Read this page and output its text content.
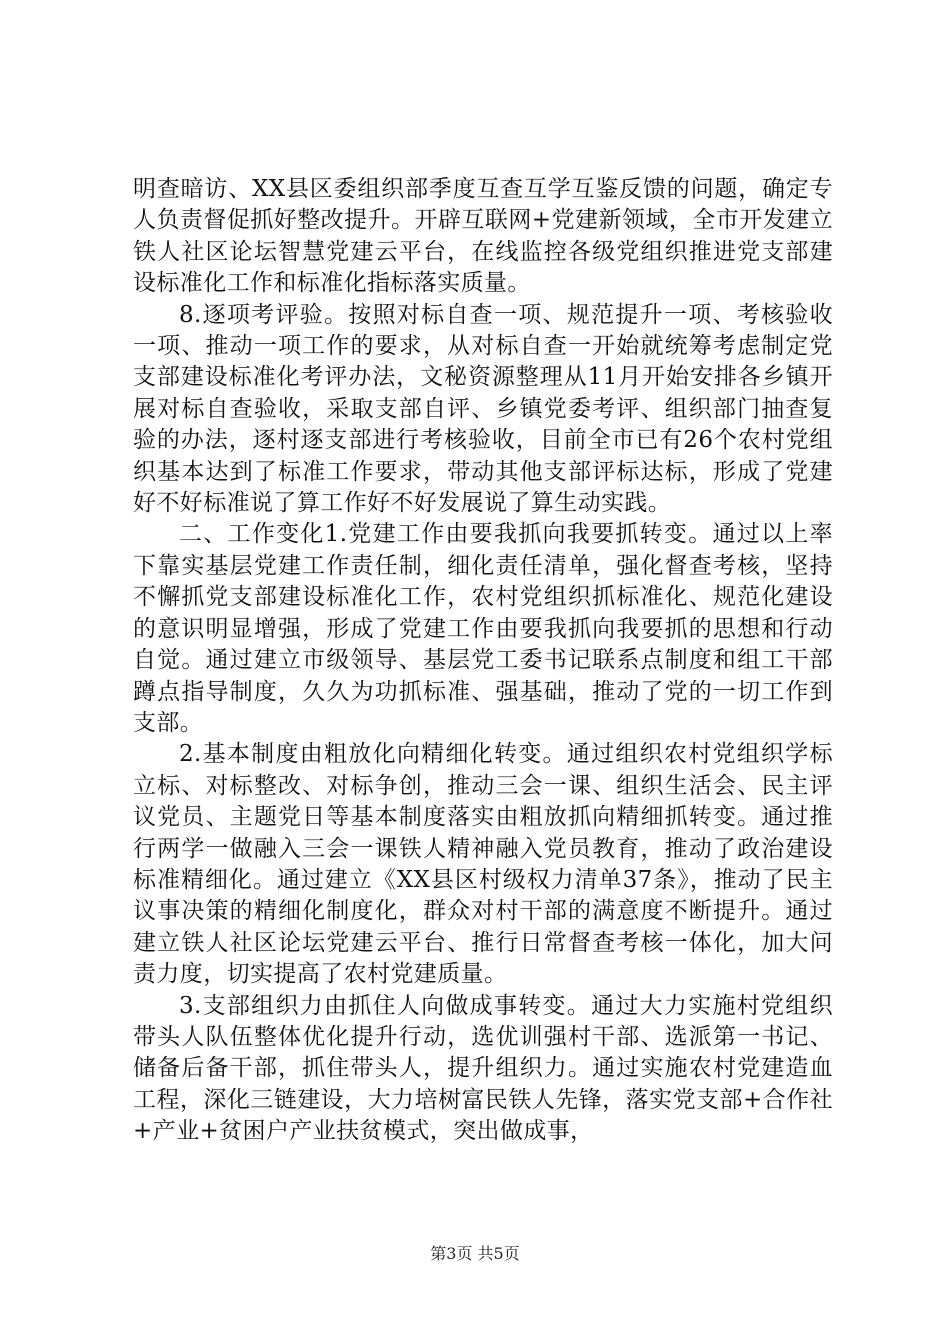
明查暗访、XX县区委组织部季度互查互学互鉴反馈的问题，确定专人负责督促抓好整改提升。开辟互联网+党建新领域，全市开发建立铁人社区论坛智慧党建云平台，在线监控各级党组织推进党支部建设标准化工作和标准化指标落实质量。

8.逐项考评验。按照对标自查一项、规范提升一项、考核验收一项、推动一项工作的要求，从对标自查一开始就统筹考虑制定党支部建设标准化考评办法，文秘资源整理从11月开始安排各乡镇开展对标自查验收，采取支部自评、乡镇党委考评、组织部门抽查复验的办法，逐村逐支部进行考核验收，目前全市已有26个农村党组织基本达到了标准工作要求，带动其他支部评标达标，形成了党建好不好标准说了算工作好不好发展说了算生动实践。

二、工作变化1.党建工作由要我抓向我要抓转变。通过以上率下靠实基层党建工作责任制，细化责任清单，强化督查考核，坚持不懈抓党支部建设标准化工作，农村党组织抓标准化、规范化建设的意识明显增强，形成了党建工作由要我抓向我要抓的思想和行动自觉。通过建立市级领导、基层党工委书记联系点制度和组工干部蹲点指导制度，久久为功抓标准、强基础，推动了党的一切工作到支部。

2.基本制度由粗放化向精细化转变。通过组织农村党组织学标立标、对标整改、对标争创，推动三会一课、组织生活会、民主评议党员、主题党日等基本制度落实由粗放抓向精细抓转变。通过推行两学一做融入三会一课铁人精神融入党员教育，推动了政治建设标准精细化。通过建立《XX县区村级权力清单37条》，推动了民主议事决策的精细化制度化，群众对村干部的满意度不断提升。通过建立铁人社区论坛党建云平台、推行日常督查考核一体化，加大问责力度，切实提高了农村党建质量。

3.支部组织力由抓住人向做成事转变。通过大力实施村党组织带头人队伍整体优化提升行动，选优训强村干部、选派第一书记、储备后备干部，抓住带头人，提升组织力。通过实施农村党建造血工程，深化三链建设，大力培树富民铁人先锋，落实党支部+合作社+产业+贫困户产业扶贫模式，突出做成事，

第3页 共5页
